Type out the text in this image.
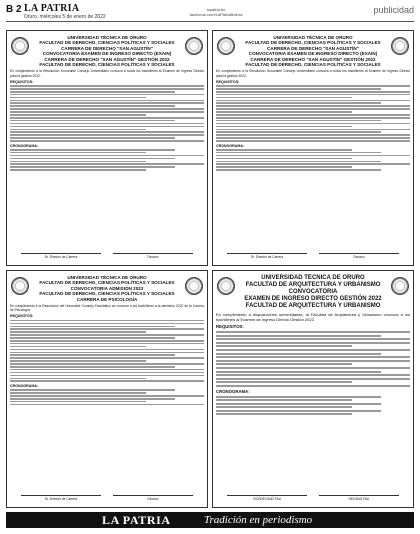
B 2 LA PATRIA
Oruro, miércoles 5 de enero de 2022
lapatria.bo
facebook.com/LaPatriaBolivia	publicidad
UNIVERSIDAD TÉCNICA DE ORURO
FACULTAD DE DERECHO, CIENCIAS POLÍTICAS Y SOCIALES
CARRERA DE DERECHO "SAN AGUSTÍN"
CONVOCATORIA EXAMEN DE INGRESO DIRECTO (EXAIN)
CARRERA DE DERECHO "SAN AGUSTÍN" GESTIÓN 2022
FACULTAD DE DERECHO, CIENCIAS POLÍTICAS Y SOCIALES
En cumplimiento a la Resolución Honorable Consejo Universitario convoca a todos los bachilleres al Examen de Ingreso Directo para la gestión 2022.
REQUISITOS:
CRONOGRAMA:
Dr. Director de Carrera	Decano
UNIVERSIDAD TÉCNICA DE ORURO
FACULTAD DE DERECHO, CIENCIAS POLÍTICAS Y SOCIALES
CARRERA DE DERECHO "SAN AGUSTÍN"
CONVOCATORIA EXAMEN DE INGRESO DIRECTO (EXAIN)
CARRERA DE DERECHO "SAN AGUSTÍN" GESTIÓN 2022
FACULTAD DE DERECHO, CIENCIAS POLÍTICAS Y SOCIALES
En cumplimiento a la Resolución Honorable Consejo Universitario convoca a todos los bachilleres al Examen de Ingreso Directo para la gestión 2022.
REQUISITOS:
CRONOGRAMA:
Dr. Director de Carrera	Decano
UNIVERSIDAD TÉCNICA DE ORURO
FACULTAD DE DERECHO, CIENCIAS POLÍTICAS Y SOCIALES
CONVOCATORIA ADMISIÓN 2022
FACULTAD DE DERECHO, CIENCIAS POLÍTICAS Y SOCIALES
CARRERA DE PSICOLOGÍA
En cumplimiento a la Resolución del Honorable Consejo Facultativo se convoca a los bachilleres a la admisión 2022 de la Carrera de Psicología.
REQUISITOS:
CRONOGRAMA:
Dr. Director de Carrera	Decano
UNIVERSIDAD TÉCNICA DE ORURO
FACULTAD DE ARQUITECTURA Y URBANISMO
CONVOCATORIA
EXAMEN DE INGRESO DIRECTO GESTIÓN 2022
FACULTAD DE ARQUITECTURA Y URBANISMO
En cumplimiento a disposiciones universitarias, la Facultad de Arquitectura y Urbanismo convoca a los bachilleres al Examen de Ingreso Directo Gestión 2022.
REQUISITOS:
CRONOGRAMA:
VICEDECANO FAU	DECANO FAU
LA PATRIA	Tradición en periodismo
